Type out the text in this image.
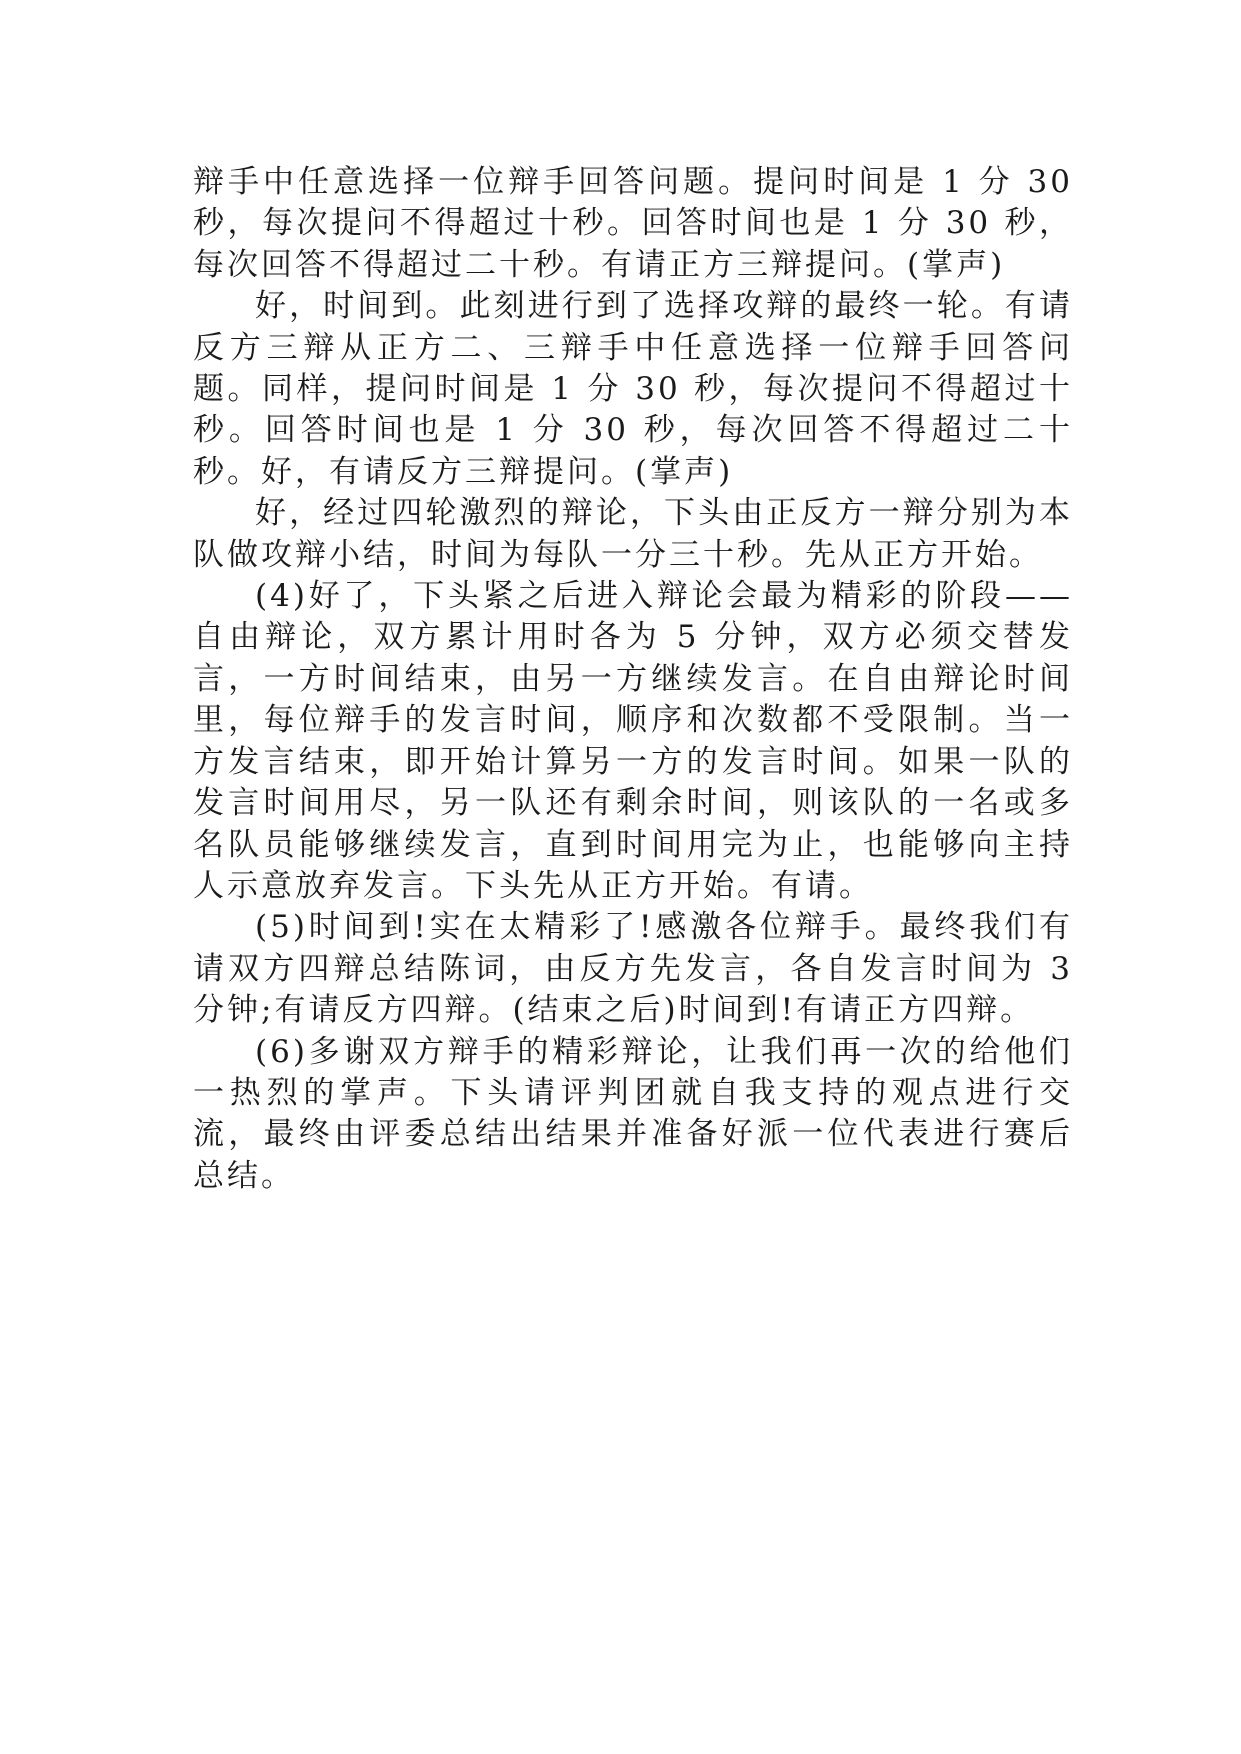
辩手中任意选择一位辩手回答问题。提问时间是 1 分 30 秒，每次提问不得超过十秒。回答时间也是 1 分 30 秒，每次回答不得超过二十秒。有请正方三辩提问。(掌声)

好，时间到。此刻进行到了选择攻辩的最终一轮。有请反方三辩从正方二、三辩手中任意选择一位辩手回答问题。同样，提问时间是 1 分 30 秒，每次提问不得超过十秒。回答时间也是 1 分 30 秒，每次回答不得超过二十秒。好，有请反方三辩提问。(掌声)

好，经过四轮激烈的辩论，下头由正反方一辩分别为本队做攻辩小结，时间为每队一分三十秒。先从正方开始。

(4)好了，下头紧之后进入辩论会最为精彩的阶段——自由辩论，双方累计用时各为 5 分钟，双方必须交替发言，一方时间结束，由另一方继续发言。在自由辩论时间里，每位辩手的发言时间，顺序和次数都不受限制。当一方发言结束，即开始计算另一方的发言时间。如果一队的发言时间用尽，另一队还有剩余时间，则该队的一名或多名队员能够继续发言，直到时间用完为止，也能够向主持人示意放弃发言。下头先从正方开始。有请。

(5)时间到!实在太精彩了!感激各位辩手。最终我们有请双方四辩总结陈词，由反方先发言，各自发言时间为 3 分钟;有请反方四辩。(结束之后)时间到!有请正方四辩。

(6)多谢双方辩手的精彩辩论，让我们再一次的给他们一热烈的掌声。下头请评判团就自我支持的观点进行交流，最终由评委总结出结果并准备好派一位代表进行赛后总结。
